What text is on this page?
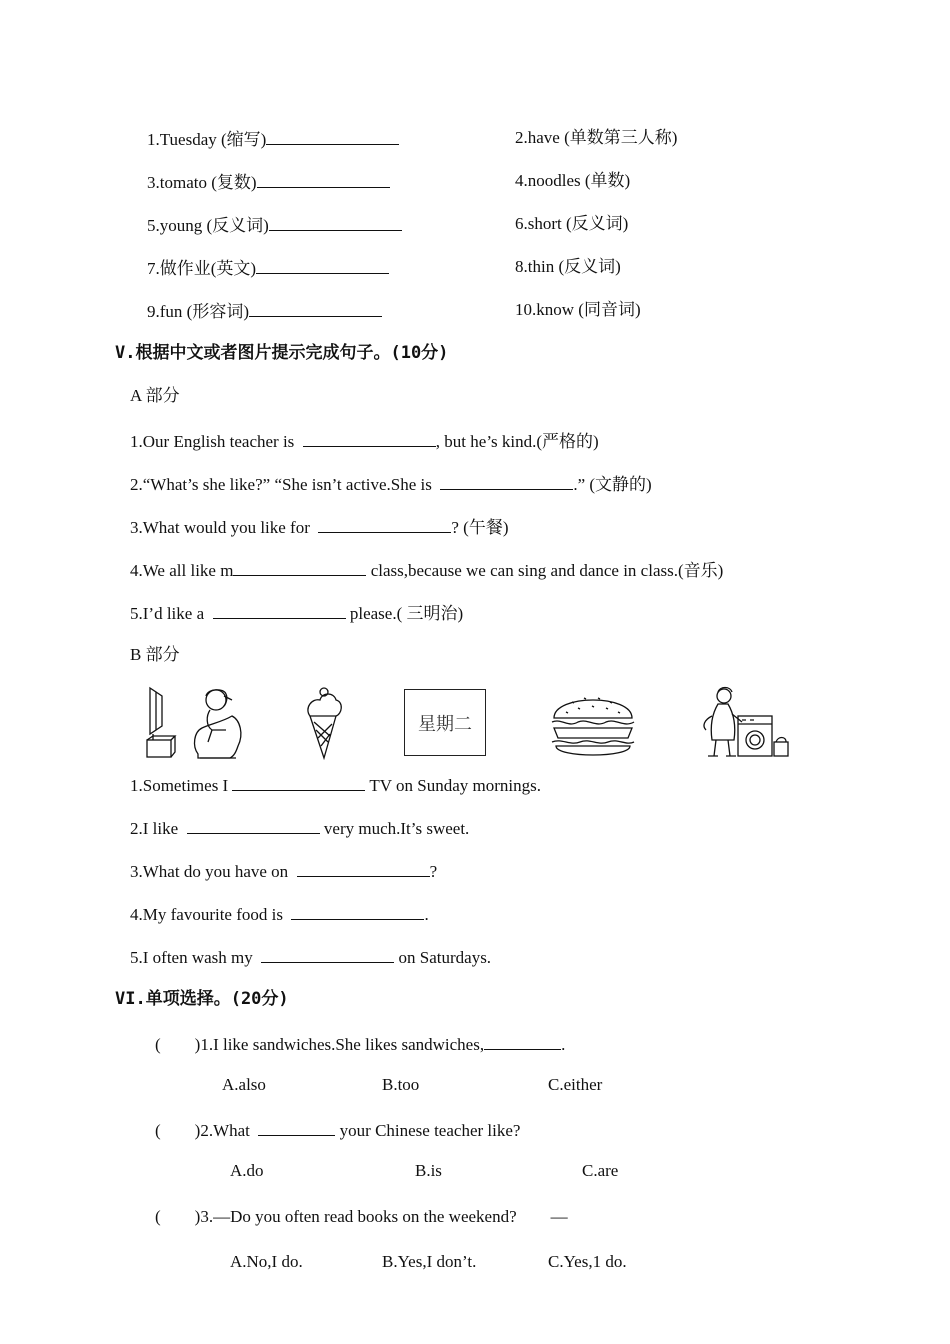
1.Tuesday (缩写)	2.have (单数第三人称)
3.tomato (复数)	4.noodles (单数)
5.young (反义词)	6.short (反义词)
7.做作业(英文)	8.thin (反义词)
9.fun (形容词)	10.know (同音词)
V.根据中文或者图片提示完成句子。(10分)
A 部分
1.Our English teacher is	, but he’s kind.(严格的)
2.“What’s she like?” “She isn’t active.She is	.” (文静的)
3.What would you like for	? (午餐)
4.We all like m	class,because we can sing and dance in class.(音乐)
5.I’d like a	please.( 三明治)
B 部分
星期二
1.Sometimes I	TV on Sunday mornings.
2.I like	very much.It’s sweet.
3.What do you have on	?
4.My favourite food is	.
5.I often wash my	on Saturdays.
VI.单项选择。(20分)
(        )1.I like sandwiches.She likes sandwiches,	.
A.also	B.too	C.either
(        )2.What	your Chinese teacher like?
A.do	B.is	C.are
(        )3.—Do you often read books on the weekend?        —
A.No,I do.	B.Yes,I don’t.	C.Yes,1 do.
